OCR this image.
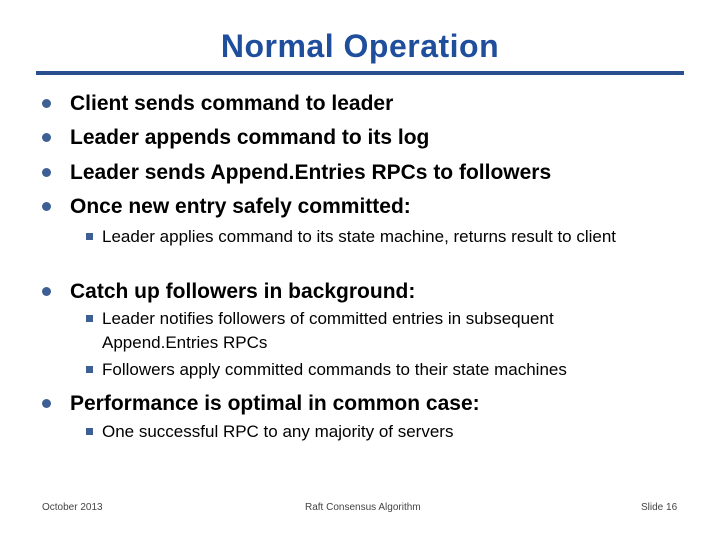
Normal Operation
Client sends command to leader
Leader appends command to its log
Leader sends Append.Entries RPCs to followers
Once new entry safely committed:
Leader applies command to its state machine, returns result to client
Catch up followers in background:
Leader notifies followers of committed entries in subsequent Append.Entries RPCs
Followers apply committed commands to their state machines
Performance is optimal in common case:
One successful RPC to any majority of servers
October 2013	Raft Consensus Algorithm	Slide 16
